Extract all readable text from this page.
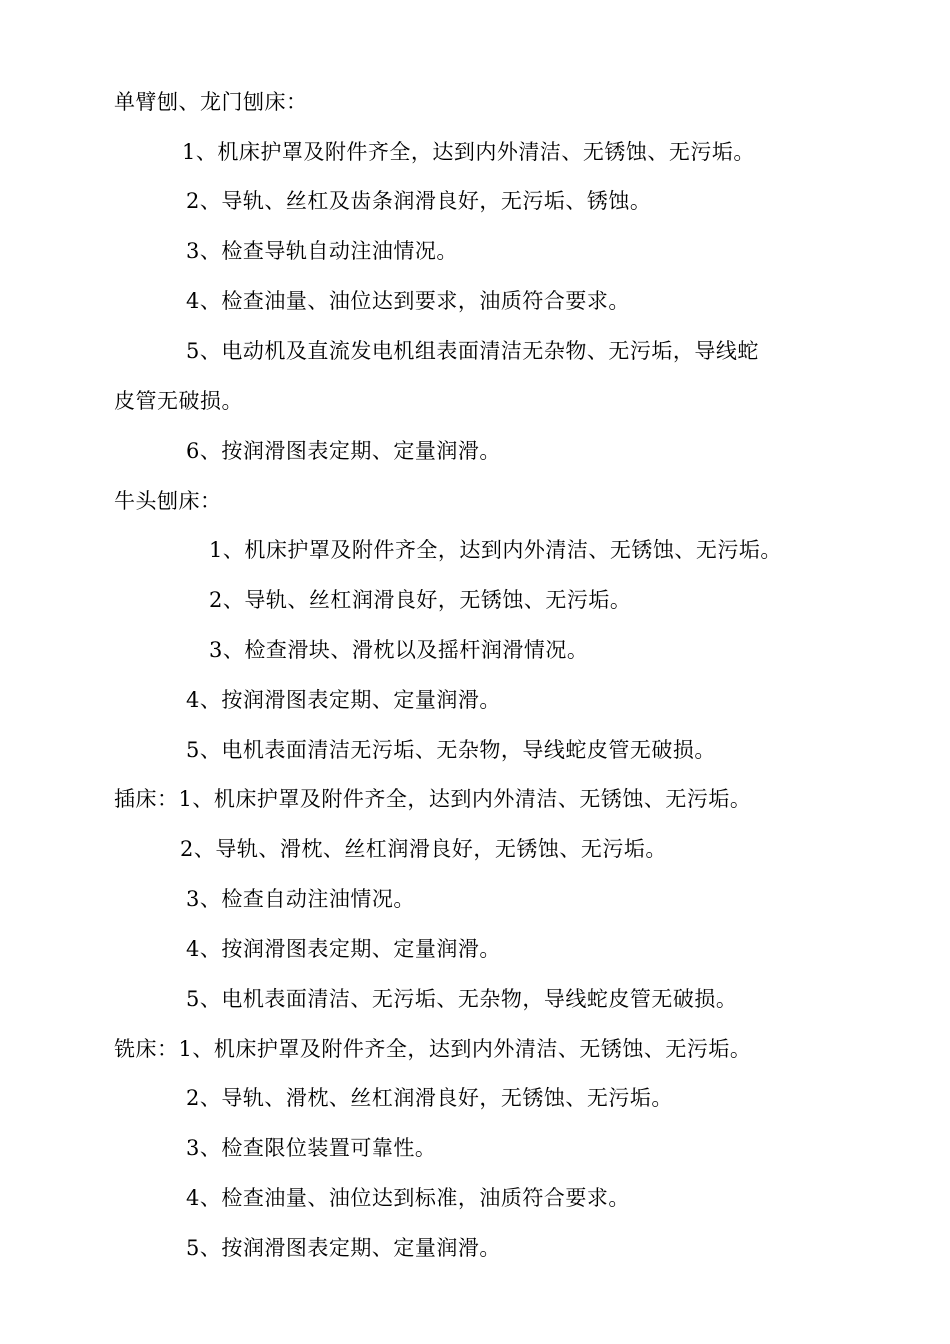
单臂刨、龙门刨床：
1、机床护罩及附件齐全，达到内外清洁、无锈蚀、无污垢。
2、导轨、丝杠及齿条润滑良好，无污垢、锈蚀。
3、检查导轨自动注油情况。
4、检查油量、油位达到要求，油质符合要求。
5、电动机及直流发电机组表面清洁无杂物、无污垢，导线蛇
皮管无破损。
6、按润滑图表定期、定量润滑。
牛头刨床：
1、机床护罩及附件齐全，达到内外清洁、无锈蚀、无污垢。
2、导轨、丝杠润滑良好，无锈蚀、无污垢。
3、检查滑块、滑枕以及摇杆润滑情况。
4、按润滑图表定期、定量润滑。
5、电机表面清洁无污垢、无杂物，导线蛇皮管无破损。
插床：1、机床护罩及附件齐全，达到内外清洁、无锈蚀、无污垢。
2、导轨、滑枕、丝杠润滑良好，无锈蚀、无污垢。
3、检查自动注油情况。
4、按润滑图表定期、定量润滑。
5、电机表面清洁、无污垢、无杂物，导线蛇皮管无破损。
铣床：1、机床护罩及附件齐全，达到内外清洁、无锈蚀、无污垢。
2、导轨、滑枕、丝杠润滑良好，无锈蚀、无污垢。
3、检查限位装置可靠性。
4、检查油量、油位达到标准，油质符合要求。
5、按润滑图表定期、定量润滑。
